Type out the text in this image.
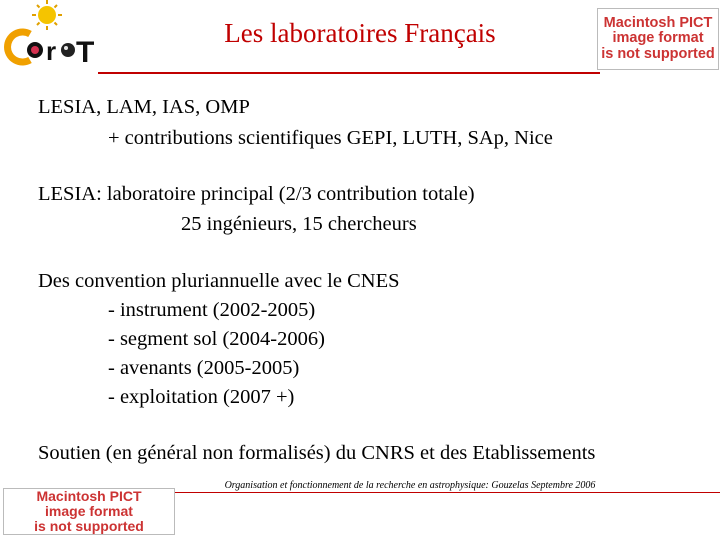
r T
Les laboratoires Français	Macintosh PICT
image format
is not supported
LESIA, LAM, IAS, OMP
+ contributions scientifiques GEPI, LUTH, SAp, Nice
LESIA: laboratoire principal (2/3 contribution totale)
25 ingénieurs, 15 chercheurs
Des convention pluriannuelle avec le CNES
- instrument (2002-2005)
- segment sol (2004-2006)
- avenants (2005-2005)
- exploitation (2007 +)
Soutien (en général non formalisés) du CNRS et des Etablissements
Macintosh PICT
image format
is not supported
Organisation et fonctionnement de la recherche en astrophysique: Gouzelas Septembre 2006
